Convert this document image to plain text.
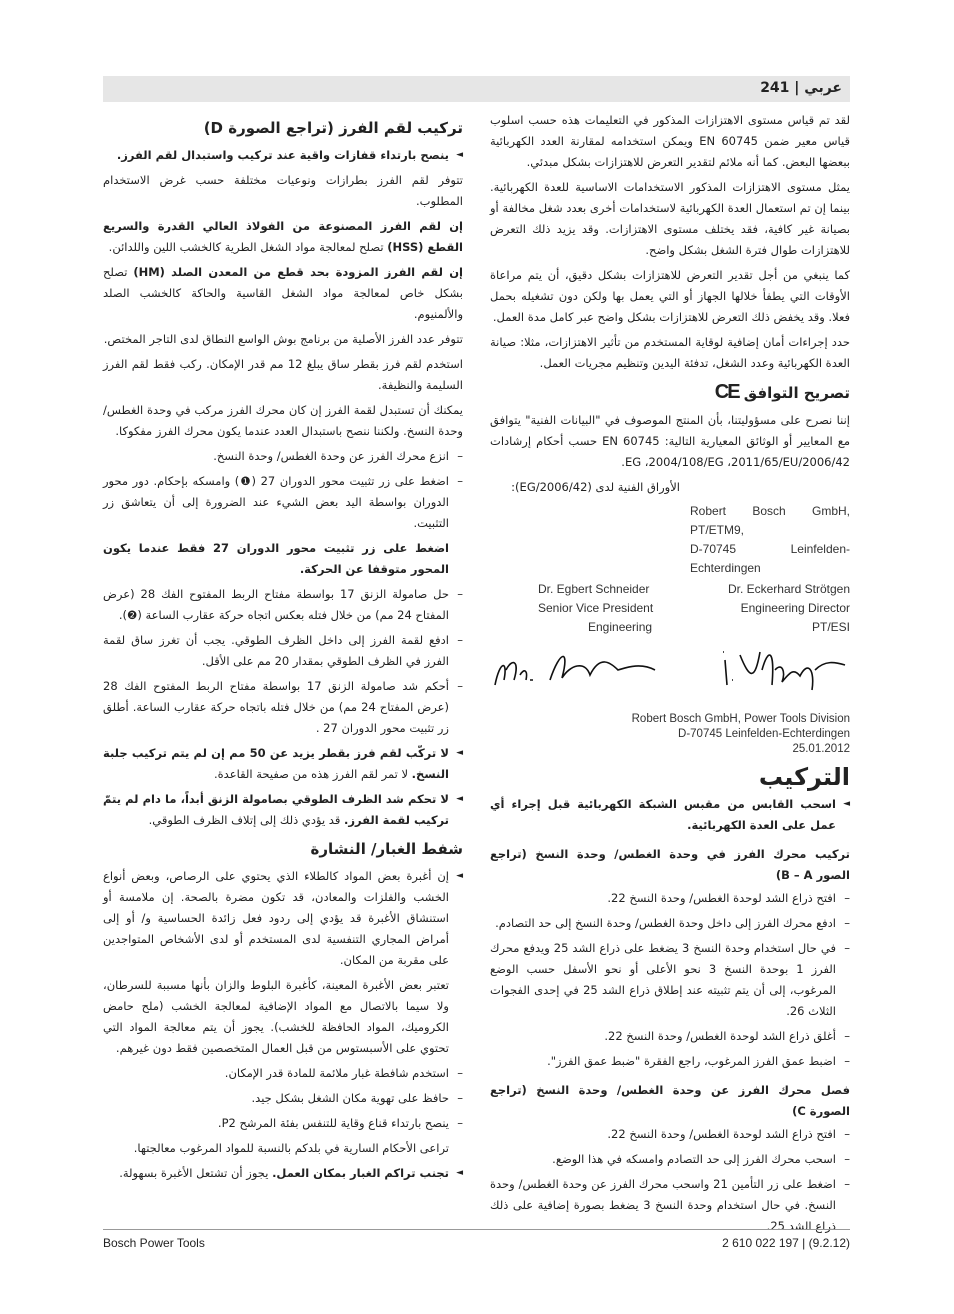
عربي | 241

لقد تم قياس مستوى الاهتزازات المذكور في التعليمات هذه حسب اسلوب قياس معير ضمن EN 60745 ويمكن استخدامه لمقارنة العدد الكهربائية ببعضها البعض. كما أنه ملائم لتقدير التعرض للاهتزازات بشكل مبدئي.

يمثل مستوى الاهتزازات المذكور الاستخدامات الاساسية للعدة الكهربائية. بينما إن تم استعمال العدة الكهربائية لاستخدامات أخرى بعدد شغل مخالفة أو بصيانة غير كافية، فقد يختلف مستوى الاهتزازات. وقد يزيد ذلك التعرض للاهتزازات طوال فترة الشغل بشكل واضح.

كما ينبغي من أجل تقدير التعرض للاهتزازات بشكل دقيق، أن يتم مراعاة الأوقات التي يطفأ خلالها الجهاز أو التي يعمل بها ولكن دون تشغيله بحمل فعلا. وقد يخفض ذلك التعرض للاهتزازات بشكل واضح عبر كامل مدة العمل.

حدد إجراءات أمان إضافية لوقاية المستخدم من تأثير الاهتزازات، مثلا: صيانة العدة الكهربائية وعدد الشغل، تدفئة اليدين وتنظيم مجريات العمل.

تصريح التوافق CE

إننا نصرح على مسؤوليتنا، بأن المنتج الموصوف في "البيانات الفنية" يتوافق مع المعايير أو الوثائق المعيارية التالية: EN 60745 حسب أحكام إرشادات 2006/42/EG ،2004/108/EG ،2011/65/EU.

الأوراق الفنية لدى (2006/42/EG):

Robert Bosch GmbH, PT/ETM9,
D-70745 Leinfelden-Echterdingen
Dr. Egbert Schneider
Senior Vice President
Engineering
Dr. Eckerhard Strötgen
Engineering Director
PT/ESI
Robert Bosch GmbH, Power Tools Division
D-70745 Leinfelden-Echterdingen
25.01.2012
التركيب

◄ اسحب القابس من مقبس الشبكة الكهربائية قبل إجراء أي عمل على العدة الكهربائية.

تركيب محرك الفرز في وحدة الغطس/ وحدة النسخ (تراجع الصور B – A)

– افتح ذراع الشد لوحدة الغطس/ وحدة النسخ 22.

– ادفع محرك الفرز إلى داخل وحدة الغطس/ وحدة النسخ إلى حد التصادم.

– في حال استخدام وحدة النسخ 3 يضغط على ذراع الشد 25 ويدفع محرك الفرز 1 بوحدة النسخ 3 نحو الأعلى أو نحو الأسفل حسب الوضع المرغوب، إلى أن يتم تثبيته عند إطلاق ذراع الشد 25 في إحدى الفجوات الثلاث 26.

– أغلق ذراع الشد لوحدة الغطس/ وحدة النسخ 22.

– اضبط عمق الفرز المرغوب، راجع الفقرة "ضبط عمق الفرز".

فصل محرك الفرز عن وحدة الغطس/ وحدة النسخ (تراجع الصورة C)

– افتح ذراع الشد لوحدة الغطس/ وحدة النسخ 22.

– اسحب محرك الفرز إلى حد التصادم وامسكه في هذا الوضع.

– اضغط على زر التأمين 21 واسحب محرك الفرز عن وحدة الغطس/ وحدة النسخ. في حال استخدام وحدة النسخ 3 يضغط بصورة إضافية على ذلك ذراع الشد 25.

تركيب لقم الفرز (تراجع الصورة D)

◄ ينصح بارتداء قفازات واقية عند تركيب واستبدال لقم الفرز.

تتوفر لقم الفرز بطرازات ونوعيات مختلفة حسب غرض الاستخدام المطلوب.

إن لقم الفرز المصنوعة من الفولاذ العالي القدرة والسريع القطع (HSS) تصلح لمعالجة مواد الشغل الطرية كالخشب اللين واللدائن.

إن لقم الفرز المزودة بحد قطع من المعدن الصلد (HM) تصلح بشكل خاص لمعالجة مواد الشغل القاسية والحاكة كالخشب الصلد والألمنيوم.

تتوفر عدد الفرز الأصلية من برنامج بوش الواسع النطاق لدى التاجر المختص.

استخدم لقم فرز بقطر ساق يبلغ 12 مم قدر الإمكان. ركب فقط لقم الفرز السليمة والنظيفة.

يمكنك أن تستبدل لقمة الفرز إن كان محرك الفرز مركب في وحدة الغطس/ وحدة النسخ. ولكننا ننصح باستبدال العدد عندما يكون محرك الفرز مفكوكا.

– انزع محرك الفرز عن وحدة الغطس/ وحدة النسخ.

– اضغط على زر تثبيت محور الدوران 27 (❶) وامسكه بإحكام. دور محور الدوران بواسطة اليد بعض الشيء عند الضرورة إلى أن يتعاشق زر التثبيت.

اضغط على زر تثبيت محور الدوران 27 فقط عندما يكون المحور متوقفا عن الحركة.

– حل صامولة الزنق 17 بواسطة مفتاح الربط المفتوح الفك 28 (عرض المفتاح 24 مم) من خلال فتله بعكس اتجاه حركة عقارب الساعة (❷).

– ادفع لقمة الفرز إلى داخل الظرف الطوقي. يجب أن تغرز ساق لقمة الفرز في الظرف الطوقي بمقدار 20 مم على الأقل.

– أحكم شد صامولة الزنق 17 بواسطة مفتاح الربط المفتوح الفك 28 (عرض المفتاح 24 مم) من خلال فتله باتجاه حركة عقارب الساعة. أطلق زر تثبيت محور الدوران 27 .

◄ لا تركّب لقم فرز بقطر يزيد عن 50 مم إن لم يتم تركيب جلبة النسخ. لا تمر لقم الفرز هذه من صفيحة القاعدة.

◄ لا تحكم شد الظرف الطوقي بصامولة الزنق أبداً، ما دام لم يتمّ تركيب لقمة الفرز. قد يؤدي ذلك إلى إتلاف الظرف الطوقي.

شفط الغبار/ النشارة

◄ إن أغبرة بعض المواد كالطلاء الذي يحتوي على الرصاص، وبعض أنواع الخشب والفلزات والمعادن، قد تكون مضرة بالصحة. إن ملامسة أو استنشاق الأغبرة قد يؤدي إلى ردود فعل زائدة الحساسية و/ أو إلى أمراض المجاري التنفسية لدى المستخدم أو لدى الأشخاص المتواجدين على مقربة من المكان.

تعتبر بعض الأغبرة المعينة، كأغبرة البلوط والزان بأنها مسببة للسرطان، ولا سيما بالاتصال مع المواد الإضافية لمعالجة الخشب (ملح حامض الكروميك، المواد الحافظة للخشب). يجوز أن يتم معالجة المواد التي تحتوي على الأسبستوس من قبل العمال المتخصصين فقط دون غيرهم.

– استخدم شافطة غبار ملائمة للمادة قدر الإمكان.

– حافظ على تهوية مكان الشغل بشكل جيد.

– ينصح بارتداء قناع وقاية للتنفس بفئة المرشح P2.

تراعى الأحكام السارية في بلدكم بالنسبة للمواد المرغوب معالجتها.

◄ تجنب تراكم الغبار بمكان العمل. يجوز أن تشتعل الأغبرة بسهولة.

Bosch Power Tools	2 610 022 197 | (9.2.12)
